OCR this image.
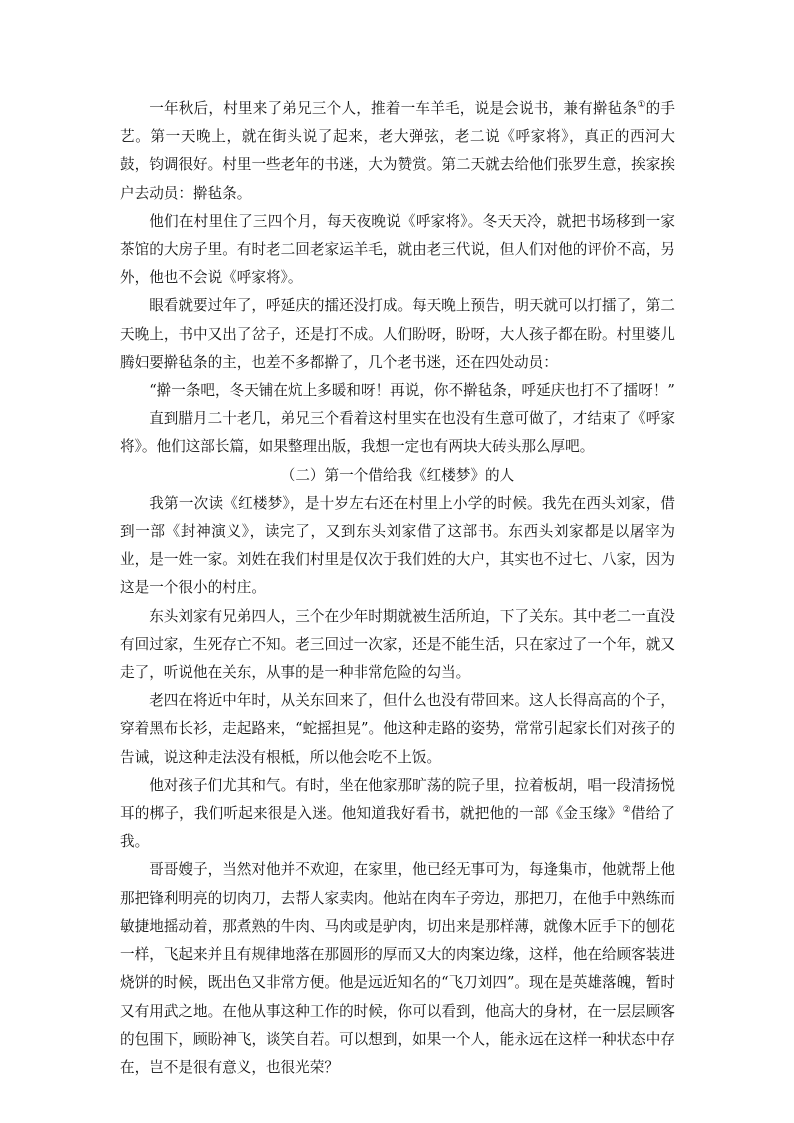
一年秋后，村里来了弟兄三个人，推着一车羊毛，说是会说书，兼有擀毡条①的手艺。第一天晚上，就在街头说了起来，老大弹弦，老二说《呼家将》，真正的西河大鼓，钧调很好。村里一些老年的书迷，大为赞赏。第二天就去给他们张罗生意，挨家挨户去动员：擀毡条。

他们在村里住了三四个月，每天夜晚说《呼家将》。冬天天冷，就把书场移到一家茶馆的大房子里。有时老二回老家运羊毛，就由老三代说，但人们对他的评价不高，另外，他也不会说《呼家将》。

眼看就要过年了，呼延庆的擂还没打成。每天晚上预告，明天就可以打擂了，第二天晚上，书中又出了岔子，还是打不成。人们盼呀，盼呀，大人孩子都在盼。村里婆儿腾妇要擀毡条的主，也差不多都擀了，几个老书迷，还在四处动员：

“擀一条吧，冬天铺在炕上多暖和呀！再说，你不擀毡条，呼延庆也打不了擂呀！”

直到腊月二十老几，弟兄三个看着这村里实在也没有生意可做了，才结束了《呼家将》。他们这部长篇，如果整理出版，我想一定也有两块大砖头那么厚吧。

（二）第一个借给我《红楼梦》的人

我第一次读《红楼梦》，是十岁左右还在村里上小学的时候。我先在西头刘家，借到一部《封神演义》，读完了，又到东头刘家借了这部书。东西头刘家都是以屠宰为业，是一姓一家。刘姓在我们村里是仅次于我们姓的大户，其实也不过七、八家，因为这是一个很小的村庄。

东头刘家有兄弟四人，三个在少年时期就被生活所迫，下了关东。其中老二一直没有回过家，生死存亡不知。老三回过一次家，还是不能生活，只在家过了一个年，就又走了，听说他在关东，从事的是一种非常危险的勾当。

老四在将近中年时，从关东回来了，但什么也没有带回来。这人长得高高的个子，穿着黑布长衫，走起路来，“蛇摇担晃”。他这种走路的姿势，常常引起家长们对孩子的告诫，说这种走法没有根柢，所以他会吃不上饭。

他对孩子们尤其和气。有时，坐在他家那旷荡的院子里，拉着板胡，唱一段清扬悦耳的梆子，我们听起来很是入迷。他知道我好看书，就把他的一部《金玉缘》②借给了我。

哥哥嫂子，当然对他并不欢迎，在家里，他已经无事可为，每逢集市，他就帮上他那把锋利明亮的切肉刀，去帮人家卖肉。他站在肉车子旁边，那把刀，在他手中熟练而敏捷地摇动着，那煮熟的牛肉、马肉或是驴肉，切出来是那样薄，就像木匠手下的刨花一样，飞起来并且有规律地落在那圆形的厚而又大的肉案边缘，这样，他在给顾客装进烧饼的时候，既出色又非常方便。他是远近知名的“飞刀刘四”。现在是英雄落魄，暂时又有用武之地。在他从事这种工作的时候，你可以看到，他高大的身材，在一层层顾客的包围下，顾盼神飞，谈笑自若。可以想到，如果一个人，能永远在这样一种状态中存在，岂不是很有意义，也很光荣？
